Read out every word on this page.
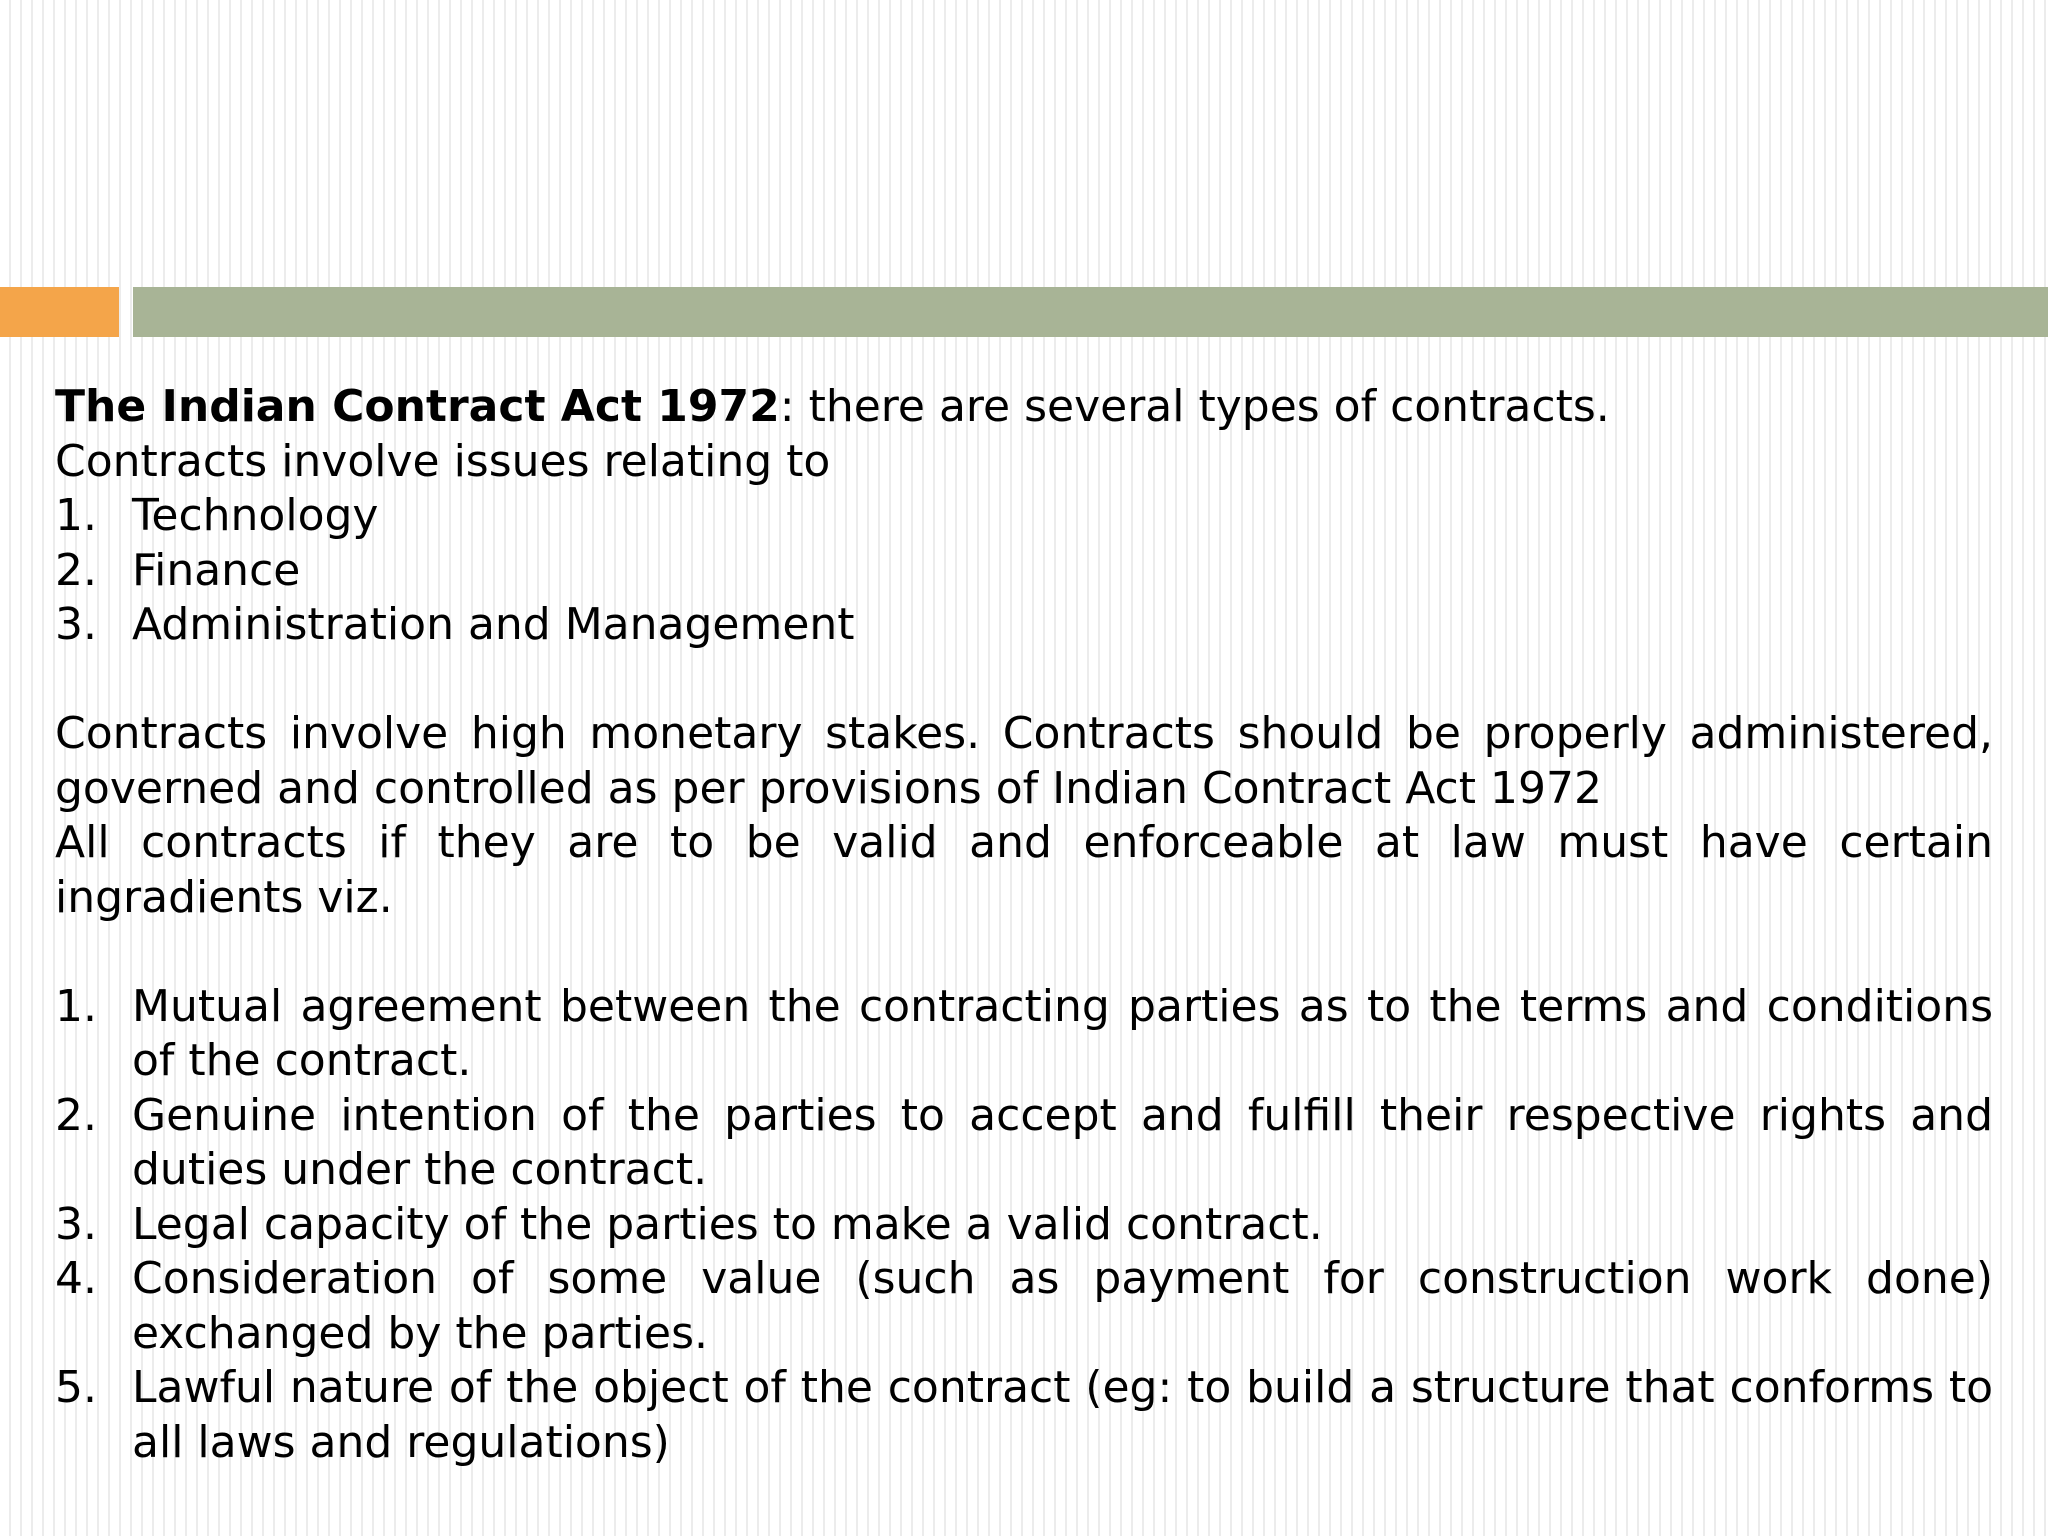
The Indian Contract Act 1972: there are several types of contracts.

Contracts involve issues relating to

1. Technology
2. Finance
3. Administration and Management

Contracts involve high monetary stakes. Contracts should be properly administered, governed and controlled as per provisions of Indian Contract Act 1972

All contracts if they are to be valid and enforceable at law must have certain ingradients viz.

1. Mutual agreement between the contracting parties as to the terms and conditions of the contract.
2. Genuine intention of the parties to accept and fulfill their respective rights and duties under the contract.
3. Legal capacity of the parties to make a valid contract.
4. Consideration of some value (such as payment for construction work done) exchanged by the parties.
5. Lawful nature of the object of the contract (eg: to build a structure that conforms to all laws and regulations)
